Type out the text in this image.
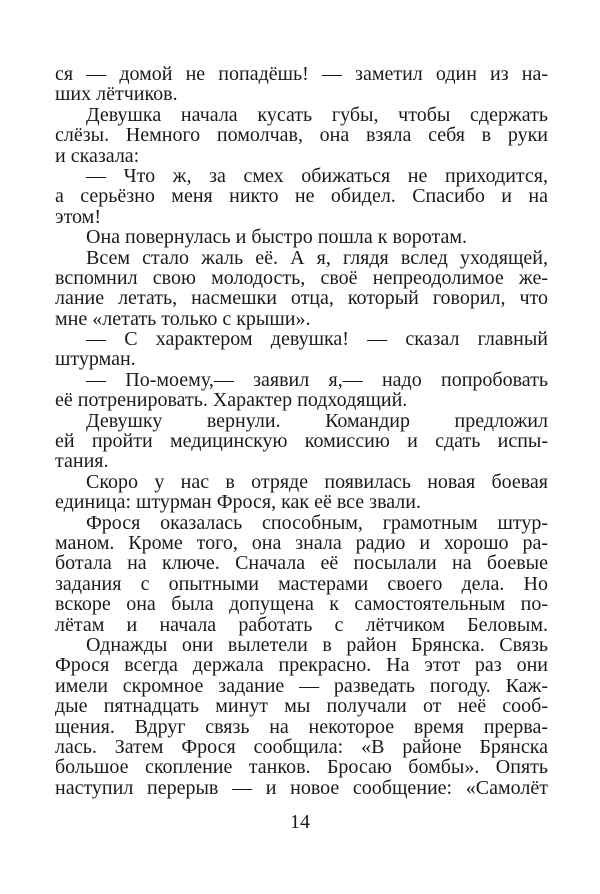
ся — домой не попадёшь! — заметил один из на-
ших лётчиков.
Девушка начала кусать губы, чтобы сдержать
слёзы. Немного помолчав, она взяла себя в руки
и сказала:
— Что ж, за смех обижаться не приходится,
а серьёзно меня никто не обидел. Спасибо и на
этом!
Она повернулась и быстро пошла к воротам.
Всем стало жаль её. А я, глядя вслед уходящей,
вспомнил свою молодость, своё непреодолимое же-
лание летать, насмешки отца, который говорил, что
мне «летать только с крыши».
— С характером девушка! — сказал главный
штурман.
— По-моему,— заявил я,— надо попробовать
её потренировать. Характер подходящий.
Девушку вернули. Командир предложил
ей пройти медицинскую комиссию и сдать испы-
тания.
Скоро у нас в отряде появилась новая боевая
единица: штурман Фрося, как её все звали.
Фрося оказалась способным, грамотным штур-
маном. Кроме того, она знала радио и хорошо ра-
ботала на ключе. Сначала её посылали на боевые
задания с опытными мастерами своего дела. Но
вскоре она была допущена к самостоятельным по-
лётам и начала работать с лётчиком Беловым.
Однажды они вылетели в район Брянска. Связь
Фрося всегда держала прекрасно. На этот раз они
имели скромное задание — разведать погоду. Каж-
дые пятнадцать минут мы получали от неё сооб-
щения. Вдруг связь на некоторое время прерва-
лась. Затем Фрося сообщила: «В районе Брянска
большое скопление танков. Бросаю бомбы». Опять
наступил перерыв — и новое сообщение: «Самолёт
14
